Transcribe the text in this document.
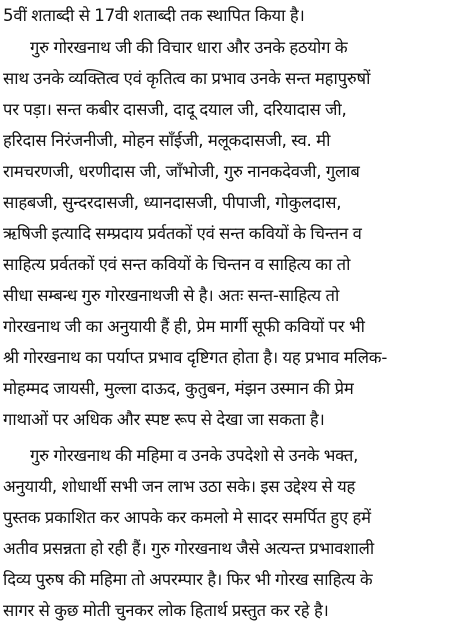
5वीं शताब्दी से 17वी शताब्दी तक स्थापित किया है।
गुरु गोरखनाथ जी की विचार धारा और उनके हठयोग के
साथ उनके व्यक्तित्व एवं कृतित्व का प्रभाव उनके सन्त महापुरुषों
पर पड़ा। सन्त कबीर दासजी, दादू दयाल जी, दरियादास जी,
हरिदास निरंजनीजी, मोहन साँईजी, मलूकदासजी, स्व. मी
रामचरणजी, धरणीदास जी, जाँभोजी, गुरु नानकदेवजी, गुलाब
साहबजी, सुन्दरदासजी, ध्यानदासजी, पीपाजी, गोकुलदास,
ऋषिजी इत्यादि सम्प्रदाय प्रर्वतकों एवं सन्त कवियों के चिन्तन व
साहित्य प्रर्वतकों एवं सन्त कवियों के चिन्तन व साहित्य का तो
सीधा सम्बन्ध गुरु गोरखनाथजी से है। अतः सन्त-साहित्य तो
गोरखनाथ जी का अनुयायी हैं ही, प्रेम मार्गी सूफी कवियों पर भी
श्री गोरखनाथ का पर्याप्त प्रभाव दृष्टिगत होता है। यह प्रभाव मलिक-
मोहम्मद जायसी, मुल्ला दाऊद, कुतुबन, मंझन उस्मान की प्रेम
गाथाओं पर अधिक और स्पष्ट रूप से देखा जा सकता है।
गुरु गोरखनाथ की महिमा व उनके उपदेशो से उनके भक्त,
अनुयायी, शोधार्थी सभी जन लाभ उठा सके। इस उद्देश्य से यह
पुस्तक प्रकाशित कर आपके कर कमलो मे सादर समर्पित हुए हमें
अतीव प्रसन्नता हो रही हैं। गुरु गोरखनाथ जैसे अत्यन्त प्रभावशाली
दिव्य पुरुष की महिमा तो अपरम्पार है। फिर भी गोरख साहित्य के
सागर से कुछ मोती चुनकर लोक हितार्थ प्रस्तुत कर रहे है।
